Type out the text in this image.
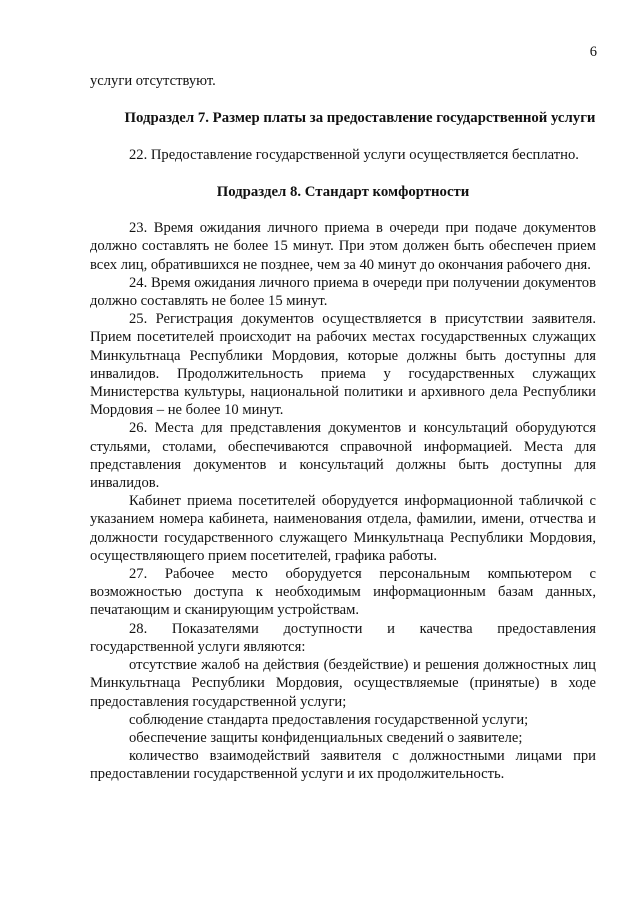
6

услуги отсутствуют.

Подраздел 7. Размер платы за предоставление государственной услуги

22. Предоставление государственной услуги осуществляется бесплатно.

Подраздел 8. Стандарт комфортности

23. Время ожидания личного приема в очереди при подаче документов должно составлять не более 15 минут. При этом должен быть обеспечен прием всех лиц, обратившихся не позднее, чем за 40 минут до окончания рабочего дня.

24. Время ожидания личного приема в очереди при получении документов должно составлять не более 15 минут.

25. Регистрация документов осуществляется в присутствии заявителя. Прием посетителей происходит на рабочих местах государственных служащих Минкультнаца Республики Мордовия, которые должны быть доступны для инвалидов. Продолжительность приема у государственных служащих Министерства культуры, национальной политики и архивного дела Республики Мордовия – не более 10 минут.

26. Места для представления документов и консультаций оборудуются стульями, столами, обеспечиваются справочной информацией. Места для представления документов и консультаций должны быть доступны для инвалидов.

Кабинет приема посетителей оборудуется информационной табличкой с указанием номера кабинета, наименования отдела, фамилии, имени, отчества и должности государственного служащего Минкультнаца Республики Мордовия, осуществляющего прием посетителей, графика работы.

27. Рабочее место оборудуется персональным компьютером с возможностью доступа к необходимым информационным базам данных, печатающим и сканирующим устройствам.

28. Показателями доступности и качества предоставления государственной услуги являются:

отсутствие жалоб на действия (бездействие) и решения должностных лиц Минкультнаца Республики Мордовия, осуществляемые (принятые) в ходе предоставления государственной услуги;

соблюдение стандарта предоставления государственной услуги;

обеспечение защиты конфиденциальных сведений о заявителе;

количество взаимодействий заявителя с должностными лицами при предоставлении государственной услуги и их продолжительность.
